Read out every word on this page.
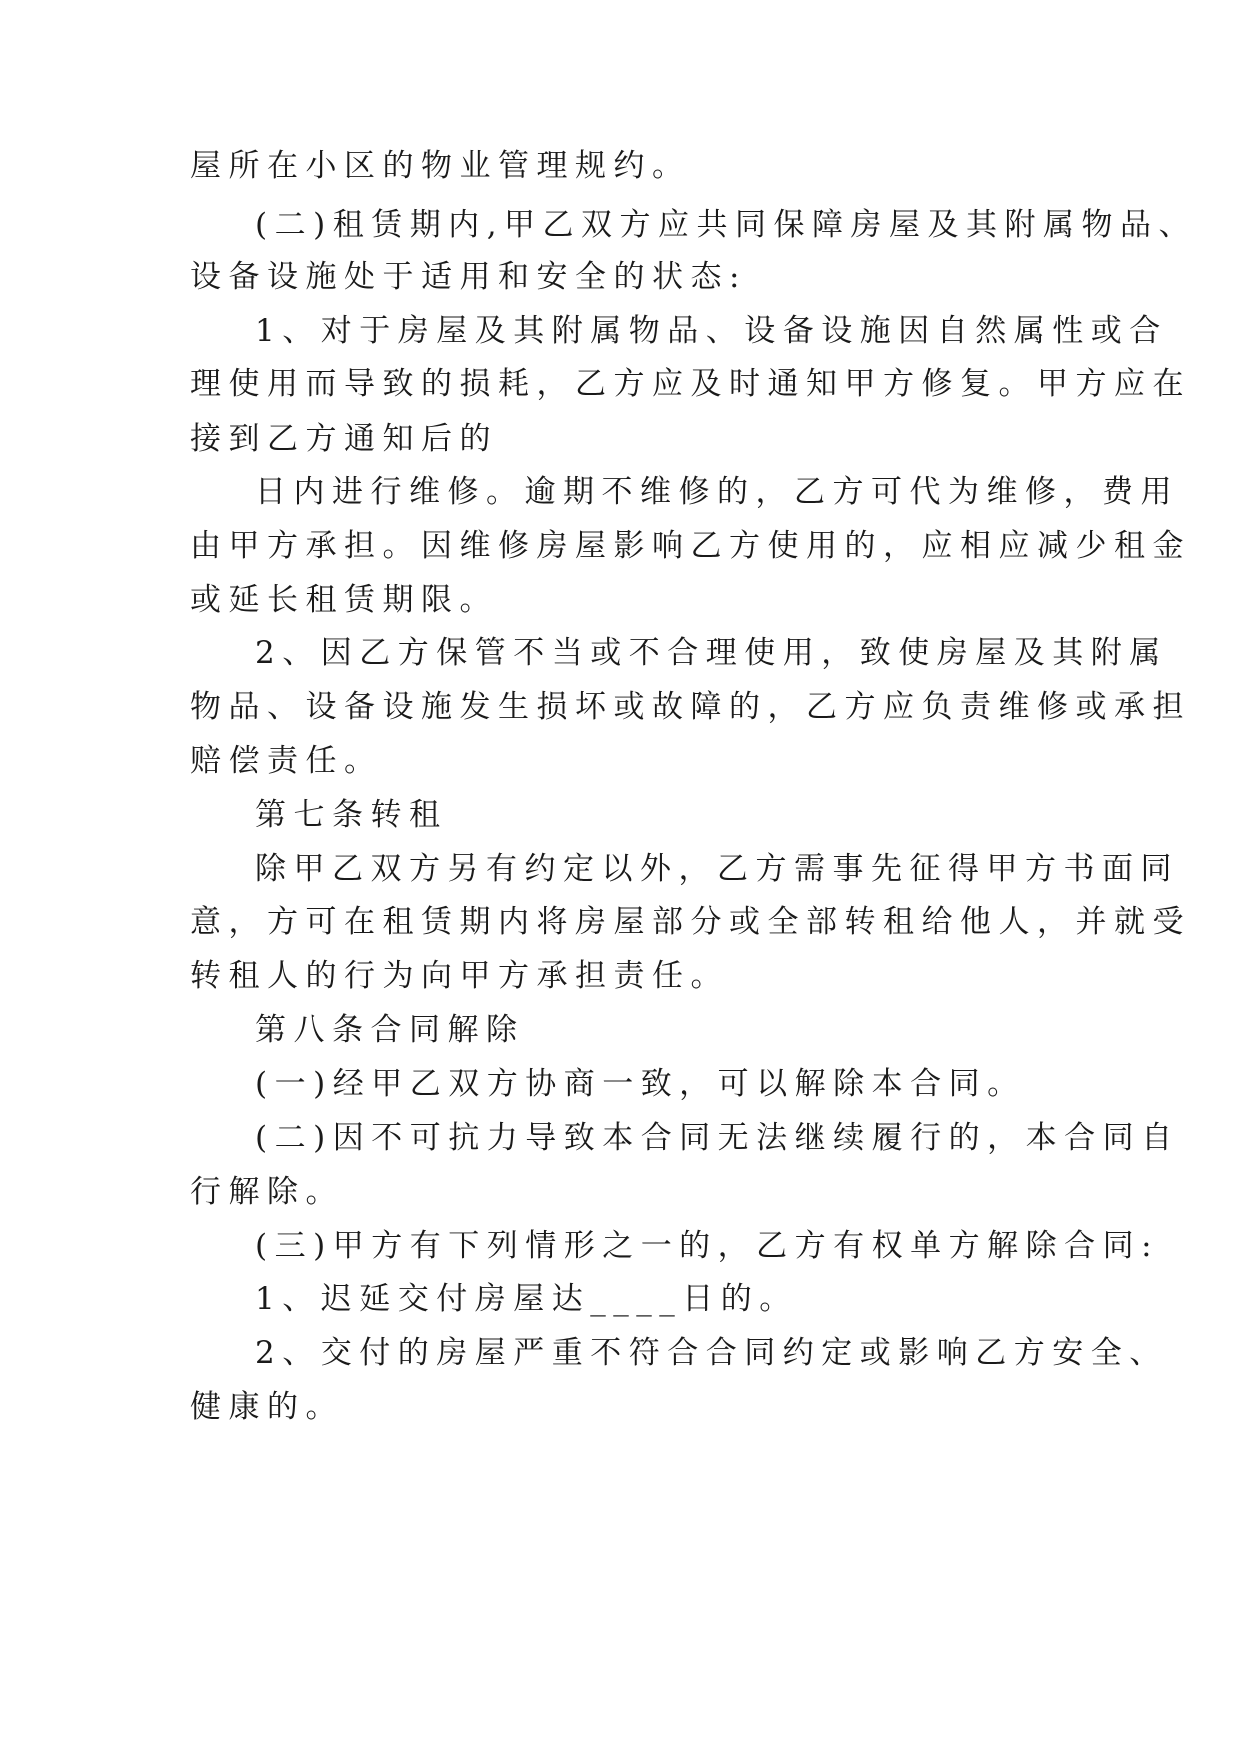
屋所在小区的物业管理规约。
(二)租赁期内,甲乙双方应共同保障房屋及其附属物品、
设备设施处于适用和安全的状态:
1、对于房屋及其附属物品、设备设施因自然属性或合
理使用而导致的损耗，乙方应及时通知甲方修复。甲方应在
接到乙方通知后的
日内进行维修。逾期不维修的，乙方可代为维修，费用
由甲方承担。因维修房屋影响乙方使用的，应相应减少租金
或延长租赁期限。
2、因乙方保管不当或不合理使用，致使房屋及其附属
物品、设备设施发生损坏或故障的，乙方应负责维修或承担
赔偿责任。
第七条转租
除甲乙双方另有约定以外，乙方需事先征得甲方书面同
意，方可在租赁期内将房屋部分或全部转租给他人，并就受
转租人的行为向甲方承担责任。
第八条合同解除
(一)经甲乙双方协商一致，可以解除本合同。
(二)因不可抗力导致本合同无法继续履行的，本合同自
行解除。
(三)甲方有下列情形之一的，乙方有权单方解除合同:
1、迟延交付房屋达____日的。
2、交付的房屋严重不符合合同约定或影响乙方安全、
健康的。
